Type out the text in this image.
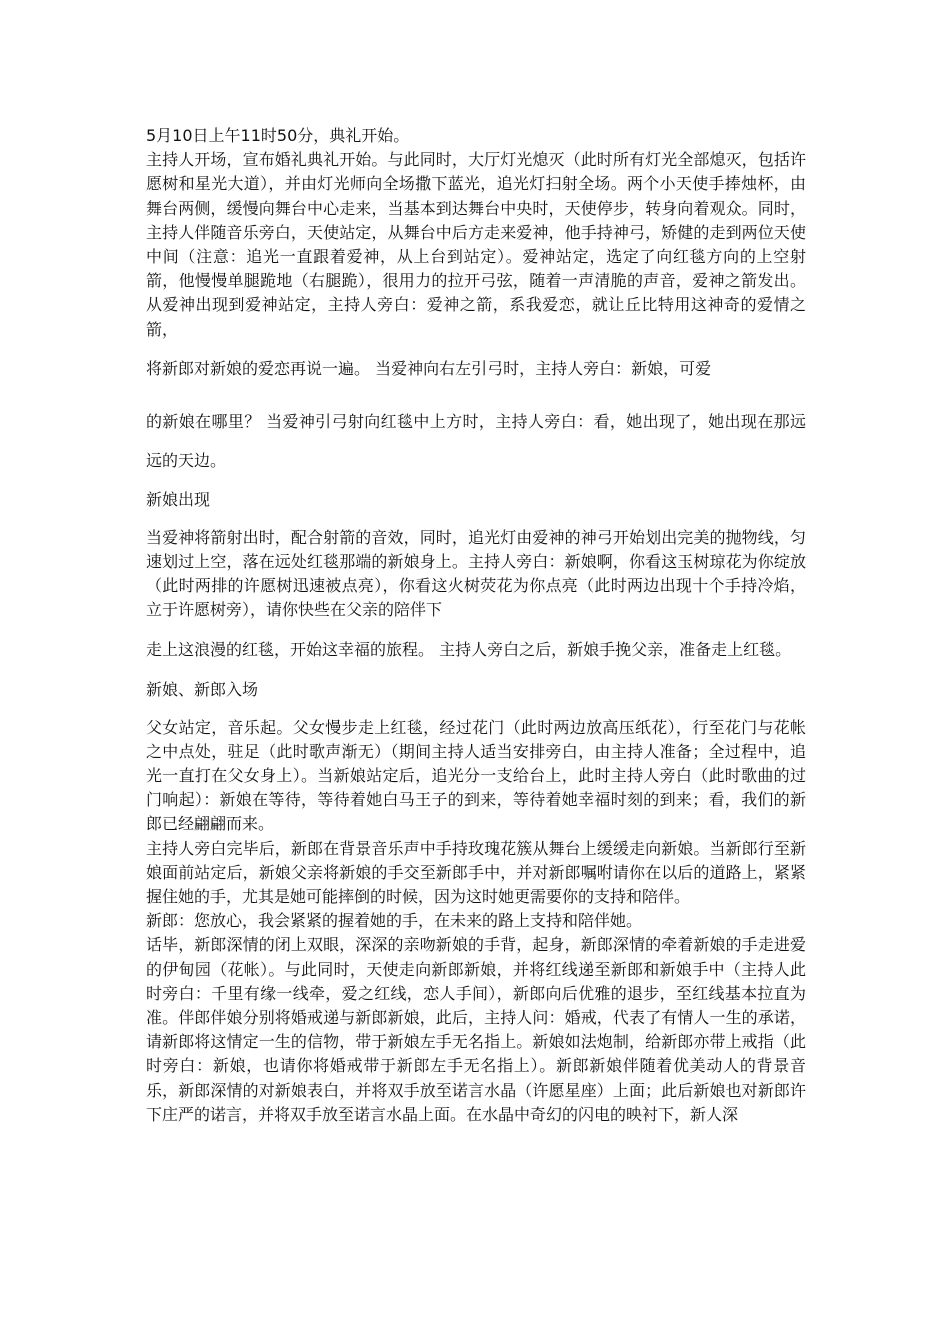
5月10日上午11时50分，典礼开始。

主持人开场，宣布婚礼典礼开始。与此同时，大厅灯光熄灭（此时所有灯光全部熄灭，包括许愿树和星光大道），并由灯光师向全场撒下蓝光，追光灯扫射全场。两个小天使手捧烛杯，由舞台两侧，缓慢向舞台中心走来，当基本到达舞台中央时，天使停步，转身向着观众。同时，主持人伴随音乐旁白，天使站定，从舞台中后方走来爱神，他手持神弓，矫健的走到两位天使中间（注意：追光一直跟着爱神，从上台到站定）。爱神站定，选定了向红毯方向的上空射箭，他慢慢单腿跪地（右腿跪），很用力的拉开弓弦，随着一声清脆的声音，爱神之箭发出。从爱神出现到爱神站定，主持人旁白：爱神之箭，系我爱恋，就让丘比特用这神奇的爱情之箭，

将新郎对新娘的爱恋再说一遍。 当爱神向右左引弓时，主持人旁白：新娘，可爱

的新娘在哪里？ 当爱神引弓射向红毯中上方时，主持人旁白：看，她出现了，她出现在那远远的天边。

新娘出现

当爱神将箭射出时，配合射箭的音效，同时，追光灯由爱神的神弓开始划出完美的抛物线，匀速划过上空，落在远处红毯那端的新娘身上。主持人旁白：新娘啊，你看这玉树琼花为你绽放（此时两排的许愿树迅速被点亮），你看这火树荧花为你点亮（此时两边出现十个手持冷焰，立于许愿树旁），请你快些在父亲的陪伴下

走上这浪漫的红毯，开始这幸福的旅程。 主持人旁白之后，新娘手挽父亲，准备走上红毯。

新娘、新郎入场

父女站定，音乐起。父女慢步走上红毯，经过花门（此时两边放高压纸花），行至花门与花帐之中点处，驻足（此时歌声渐无）（期间主持人适当安排旁白，由主持人准备；全过程中，追光一直打在父女身上）。当新娘站定后，追光分一支给台上，此时主持人旁白（此时歌曲的过门响起）：新娘在等待，等待着她白马王子的到来，等待着她幸福时刻的到来；看，我们的新郎已经翩翩而来。

主持人旁白完毕后，新郎在背景音乐声中手持玫瑰花簇从舞台上缓缓走向新娘。当新郎行至新娘面前站定后，新娘父亲将新娘的手交至新郎手中，并对新郎嘱咐请你在以后的道路上，紧紧握住她的手，尤其是她可能摔倒的时候，因为这时她更需要你的支持和陪伴。

新郎：您放心，我会紧紧的握着她的手，在未来的路上支持和陪伴她。

话毕，新郎深情的闭上双眼，深深的亲吻新娘的手背，起身，新郎深情的牵着新娘的手走进爱的伊甸园（花帐）。与此同时，天使走向新郎新娘，并将红线递至新郎和新娘手中（主持人此时旁白：千里有缘一线牵，爱之红线，恋人手间），新郎向后优雅的退步，至红线基本拉直为准。伴郎伴娘分别将婚戒递与新郎新娘，此后，主持人问：婚戒，代表了有情人一生的承诺，请新郎将这情定一生的信物，带于新娘左手无名指上。新娘如法炮制，给新郎亦带上戒指（此时旁白：新娘，也请你将婚戒带于新郎左手无名指上）。新郎新娘伴随着优美动人的背景音乐，新郎深情的对新娘表白，并将双手放至诺言水晶（许愿星座）上面；此后新娘也对新郎许下庄严的诺言，并将双手放至诺言水晶上面。在水晶中奇幻的闪电的映衬下，新人深
